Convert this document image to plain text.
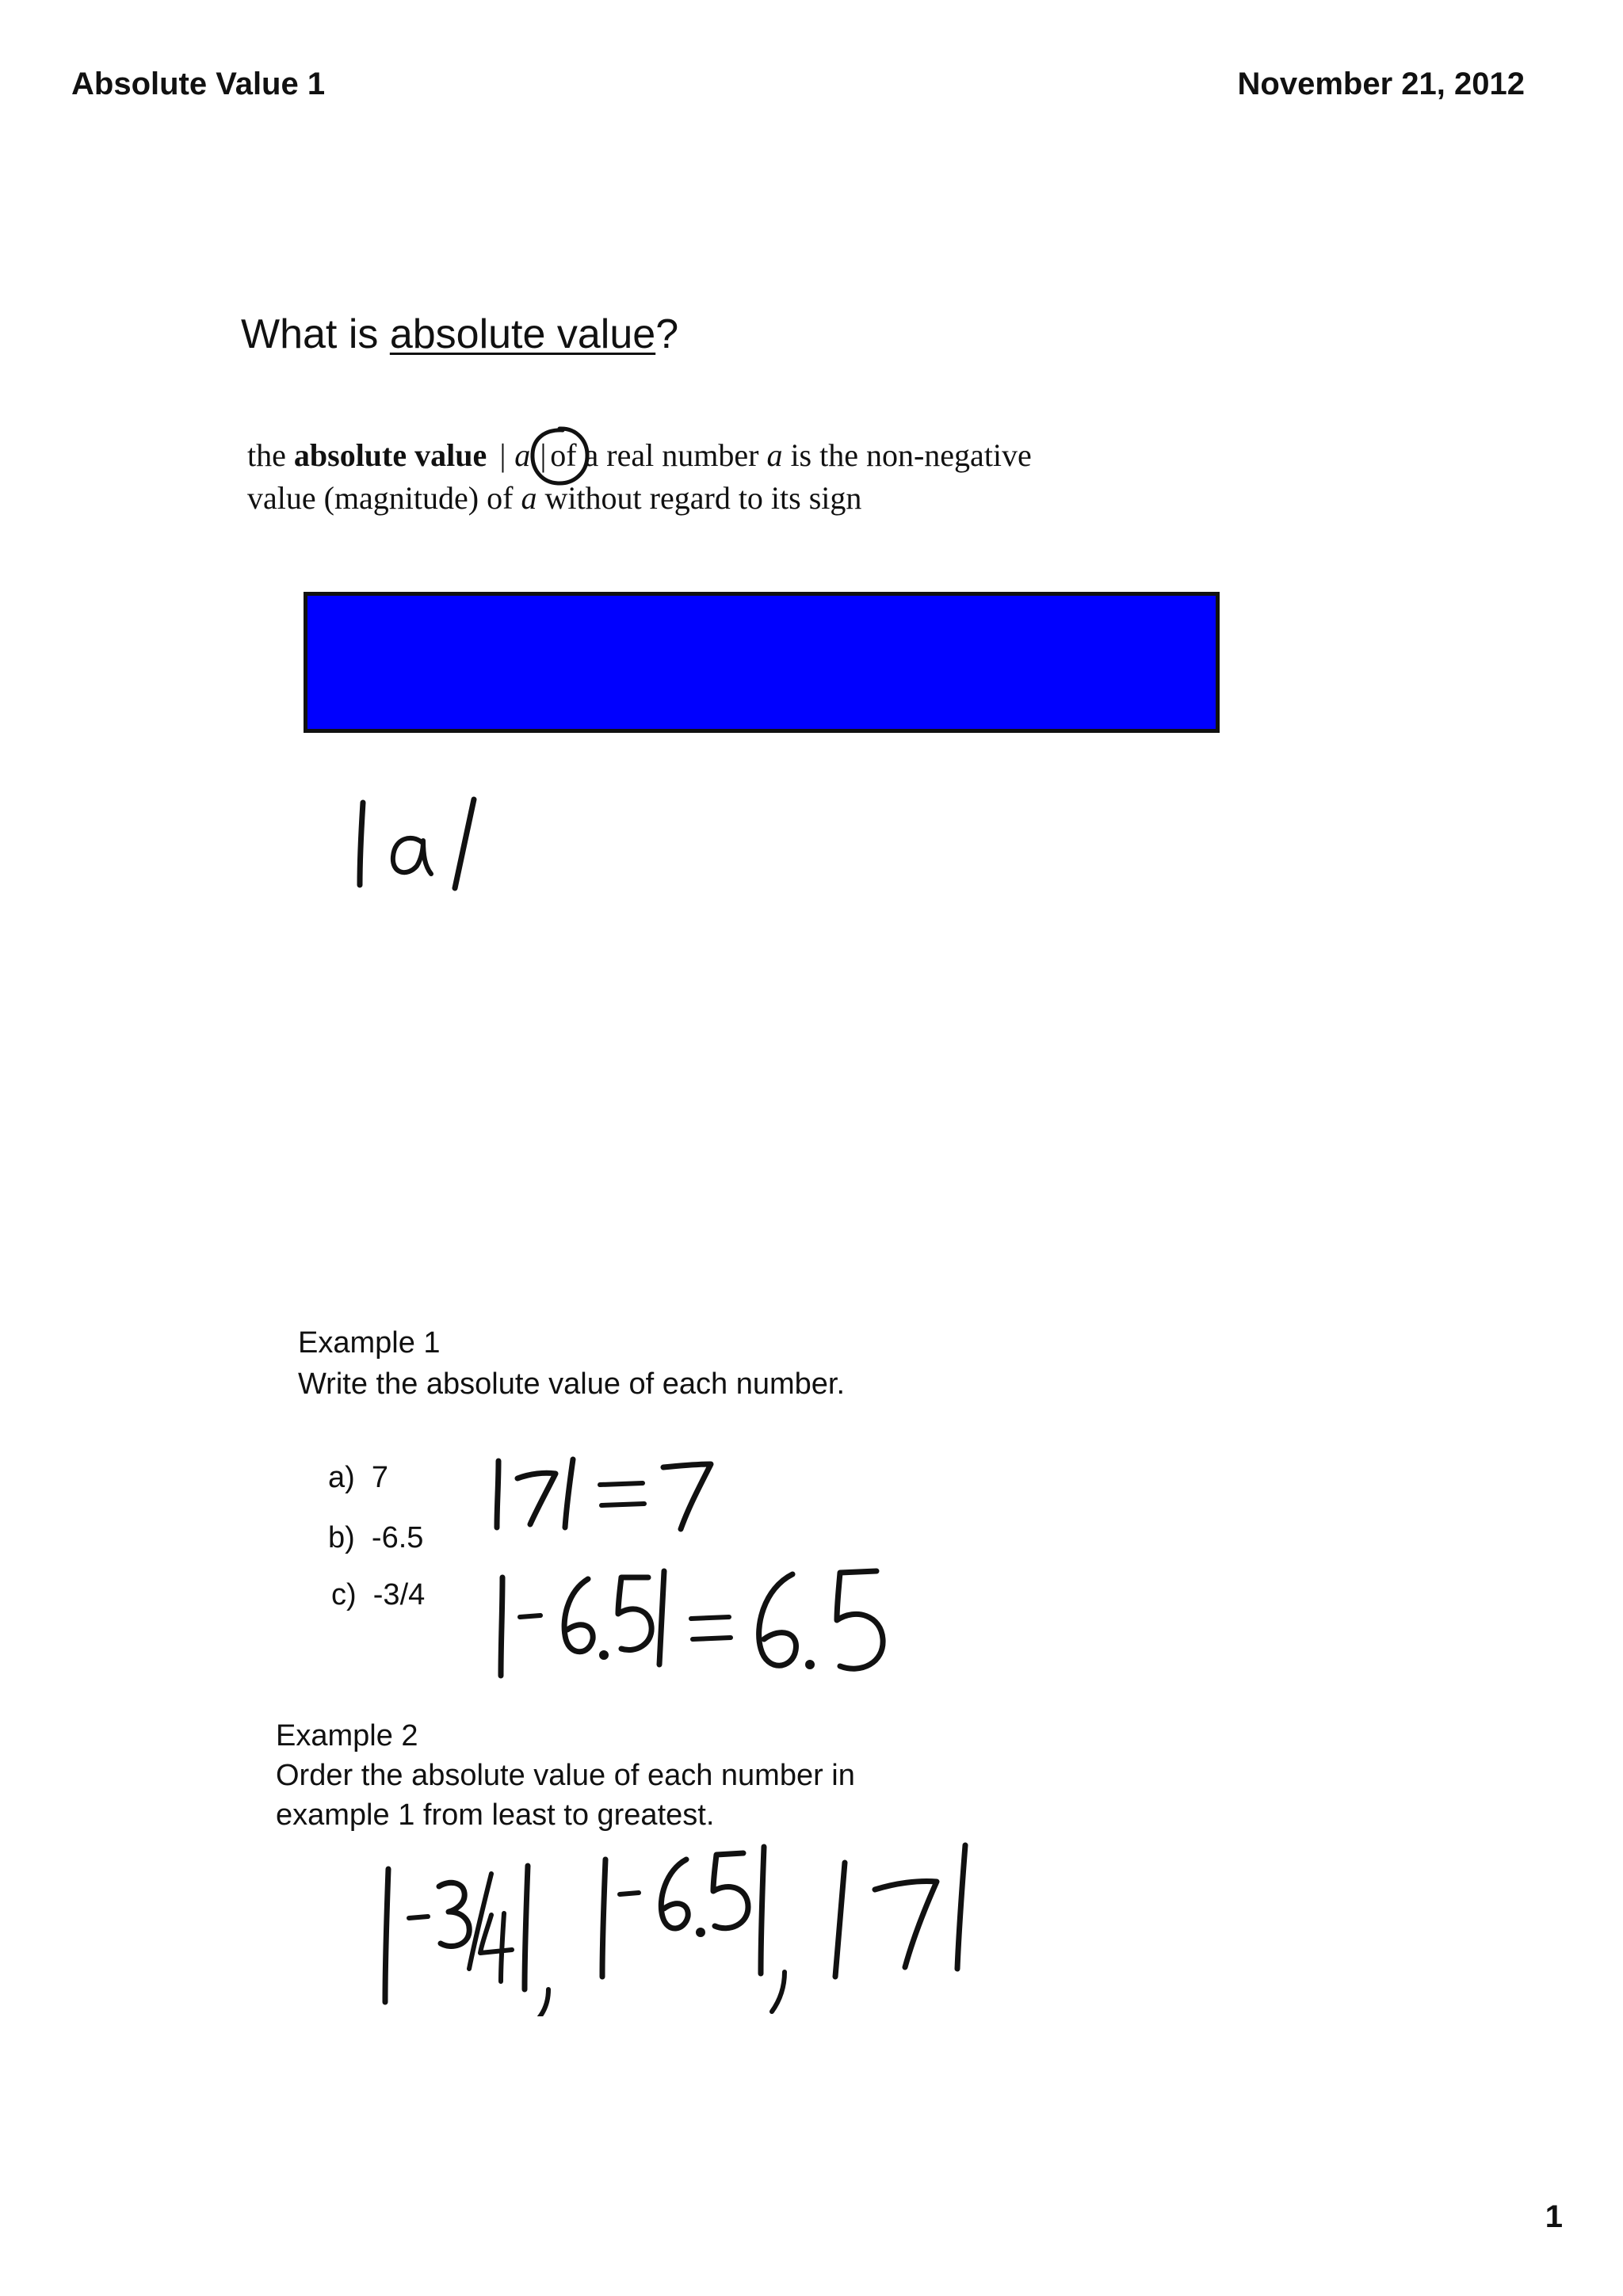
Absolute Value 1	November 21, 2012
What is absolute value?
the absolute value | a | of a real number a is the non-negative
value (magnitude) of a without regard to its sign
Example 1
Write the absolute value of each number.
a) 7
b) -6.5
c) -3/4
Example 2
Order the absolute value of each number in
example 1 from least to greatest.
1
